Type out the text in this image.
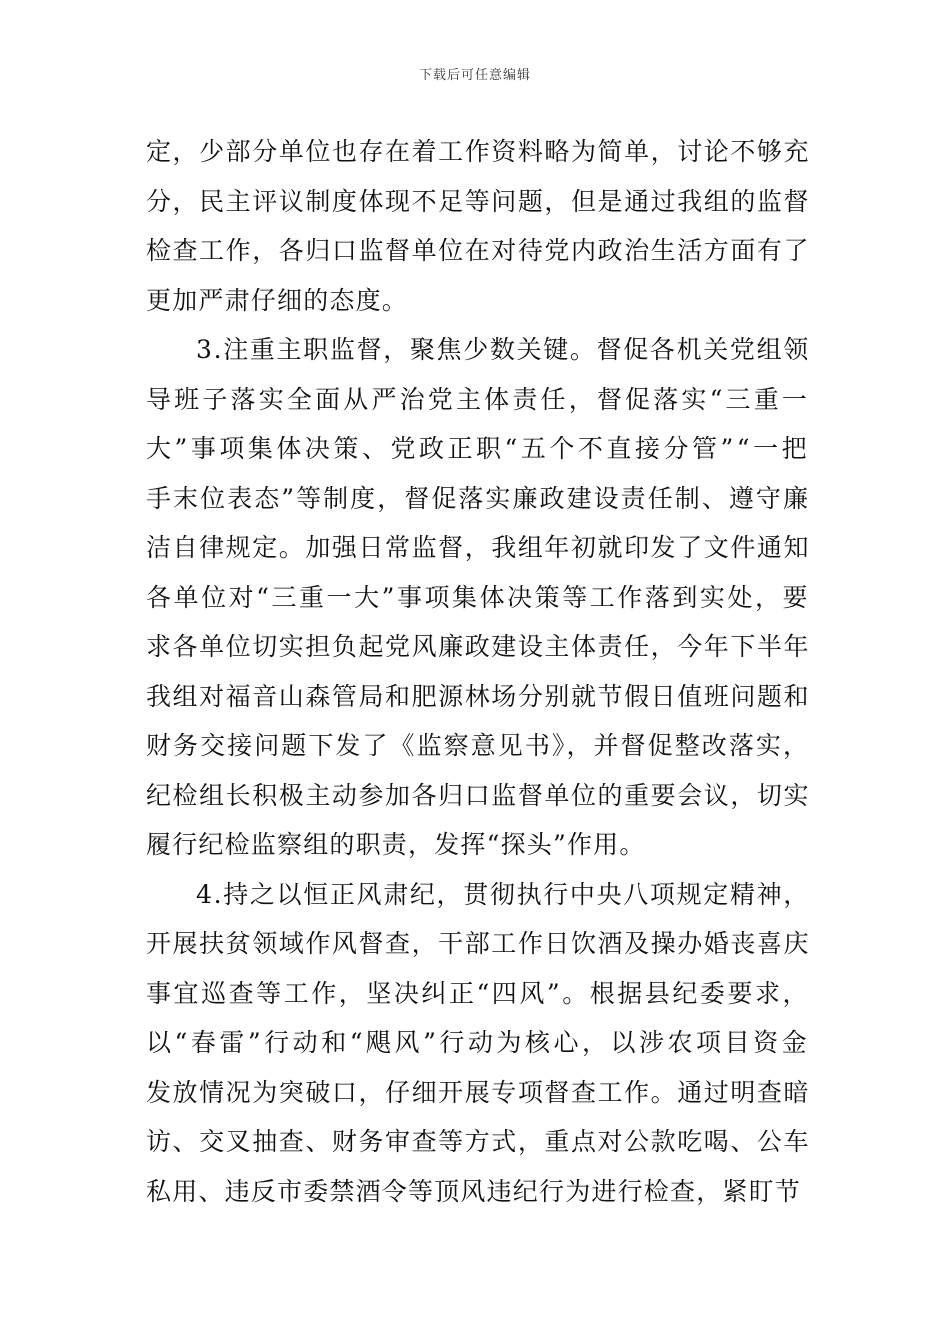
下载后可任意编辑
定，少部分单位也存在着工作资料略为简单，讨论不够充
分，民主评议制度体现不足等问题，但是通过我组的监督
检查工作，各归口监督单位在对待党内政治生活方面有了
更加严肃仔细的态度。
3.注重主职监督，聚焦少数关键。督促各机关党组领
导班子落实全面从严治党主体责任，督促落实“三重一
大”事项集体决策、党政正职“五个不直接分管”“一把
手末位表态”等制度，督促落实廉政建设责任制、遵守廉
洁自律规定。加强日常监督，我组年初就印发了文件通知
各单位对“三重一大”事项集体决策等工作落到实处，要
求各单位切实担负起党风廉政建设主体责任，今年下半年
我组对福音山森管局和肥源林场分别就节假日值班问题和
财务交接问题下发了《监察意见书》，并督促整改落实，
纪检组长积极主动参加各归口监督单位的重要会议，切实
履行纪检监察组的职责，发挥“探头”作用。
4.持之以恒正风肃纪，贯彻执行中央八项规定精神，
开展扶贫领域作风督查，干部工作日饮酒及操办婚丧喜庆
事宜巡查等工作，坚决纠正“四风”。根据县纪委要求，
以“春雷”行动和“飓风”行动为核心，以涉农项目资金
发放情况为突破口，仔细开展专项督查工作。通过明查暗
访、交叉抽查、财务审查等方式，重点对公款吃喝、公车
私用、违反市委禁酒令等顶风违纪行为进行检查，紧盯节
